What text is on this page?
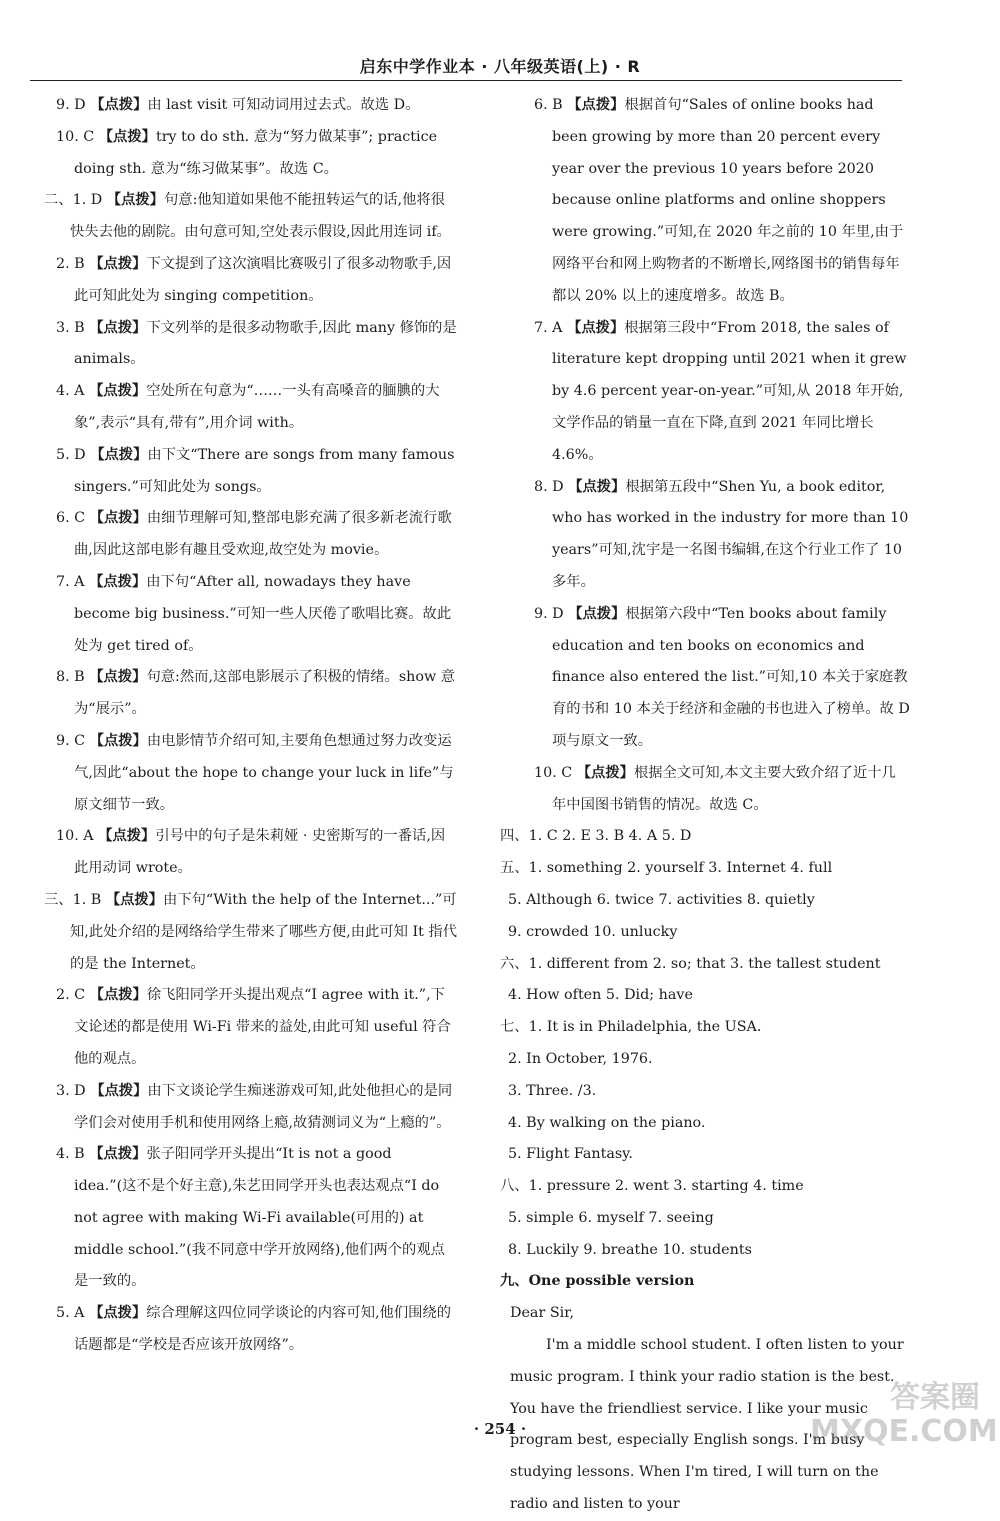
启东中学作业本 · 八年级英语(上) · R

9. D 【点拨】由 last visit 可知动词用过去式。故选 D。

10. C 【点拨】try to do sth. 意为“努力做某事”; practice doing sth. 意为“练习做某事”。故选 C。

二、1. D 【点拨】句意:他知道如果他不能扭转运气的话,他将很快失去他的剧院。由句意可知,空处表示假设,因此用连词 if。

2. B 【点拨】下文提到了这次演唱比赛吸引了很多动物歌手,因此可知此处为 singing competition。

3. B 【点拨】下文列举的是很多动物歌手,因此 many 修饰的是 animals。

4. A 【点拨】空处所在句意为“……一头有高嗓音的腼腆的大象”,表示“具有,带有”,用介词 with。

5. D 【点拨】由下文“There are songs from many famous singers.”可知此处为 songs。

6. C 【点拨】由细节理解可知,整部电影充满了很多新老流行歌曲,因此这部电影有趣且受欢迎,故空处为 movie。

7. A 【点拨】由下句“After all, nowadays they have become big business.”可知一些人厌倦了歌唱比赛。故此处为 get tired of。

8. B 【点拨】句意:然而,这部电影展示了积极的情绪。show 意为“展示”。

9. C 【点拨】由电影情节介绍可知,主要角色想通过努力改变运气,因此“about the hope to change your luck in life”与原文细节一致。

10. A 【点拨】引号中的句子是朱莉娅 · 史密斯写的一番话,因此用动词 wrote。

三、1. B 【点拨】由下句“With the help of the Internet...”可知,此处介绍的是网络给学生带来了哪些方便,由此可知 It 指代的是 the Internet。

2. C 【点拨】徐飞阳同学开头提出观点“I agree with it.”,下文论述的都是使用 Wi-Fi 带来的益处,由此可知 useful 符合他的观点。

3. D 【点拨】由下文谈论学生痴迷游戏可知,此处他担心的是同学们会对使用手机和使用网络上瘾,故猜测词义为“上瘾的”。

4. B 【点拨】张子阳同学开头提出“It is not a good idea.”(这不是个好主意),朱艺田同学开头也表达观点“I do not agree with making Wi-Fi available(可用的) at middle school.”(我不同意中学开放网络),他们两个的观点是一致的。

5. A 【点拨】综合理解这四位同学谈论的内容可知,他们围绕的话题都是“学校是否应该开放网络”。

6. B 【点拨】根据首句“Sales of online books had been growing by more than 20 percent every year over the previous 10 years before 2020 because online platforms and online shoppers were growing.”可知,在 2020 年之前的 10 年里,由于网络平台和网上购物者的不断增长,网络图书的销售每年都以 20% 以上的速度增多。故选 B。

7. A 【点拨】根据第三段中“From 2018, the sales of literature kept dropping until 2021 when it grew by 4.6 percent year-on-year.”可知,从 2018 年开始,文学作品的销量一直在下降,直到 2021 年同比增长 4.6%。

8. D 【点拨】根据第五段中“Shen Yu, a book editor, who has worked in the industry for more than 10 years”可知,沈宇是一名图书编辑,在这个行业工作了 10 多年。

9. D 【点拨】根据第六段中“Ten books about family education and ten books on economics and finance also entered the list.”可知,10 本关于家庭教育的书和 10 本关于经济和金融的书也进入了榜单。故 D 项与原文一致。

10. C 【点拨】根据全文可知,本文主要大致介绍了近十几年中国图书销售的情况。故选 C。

四、1. C 2. E 3. B 4. A 5. D

五、1. something 2. yourself 3. Internet 4. full

5. Although 6. twice 7. activities 8. quietly

9. crowded 10. unlucky

六、1. different from 2. so; that 3. the tallest student

4. How often 5. Did; have

七、1. It is in Philadelphia, the USA.

2. In October, 1976.

3. Three. /3.

4. By walking on the piano.

5. Flight Fantasy.

八、1. pressure 2. went 3. starting 4. time

5. simple 6. myself 7. seeing

8. Luckily 9. breathe 10. students

九、One possible version

Dear Sir,

I'm a middle school student. I often listen to your music program. I think your radio station is the best. You have the friendliest service. I like your music program best, especially English songs. I'm busy studying lessons. When I'm tired, I will turn on the radio and listen to your

· 254 ·
答案圈 MXQE.COM
